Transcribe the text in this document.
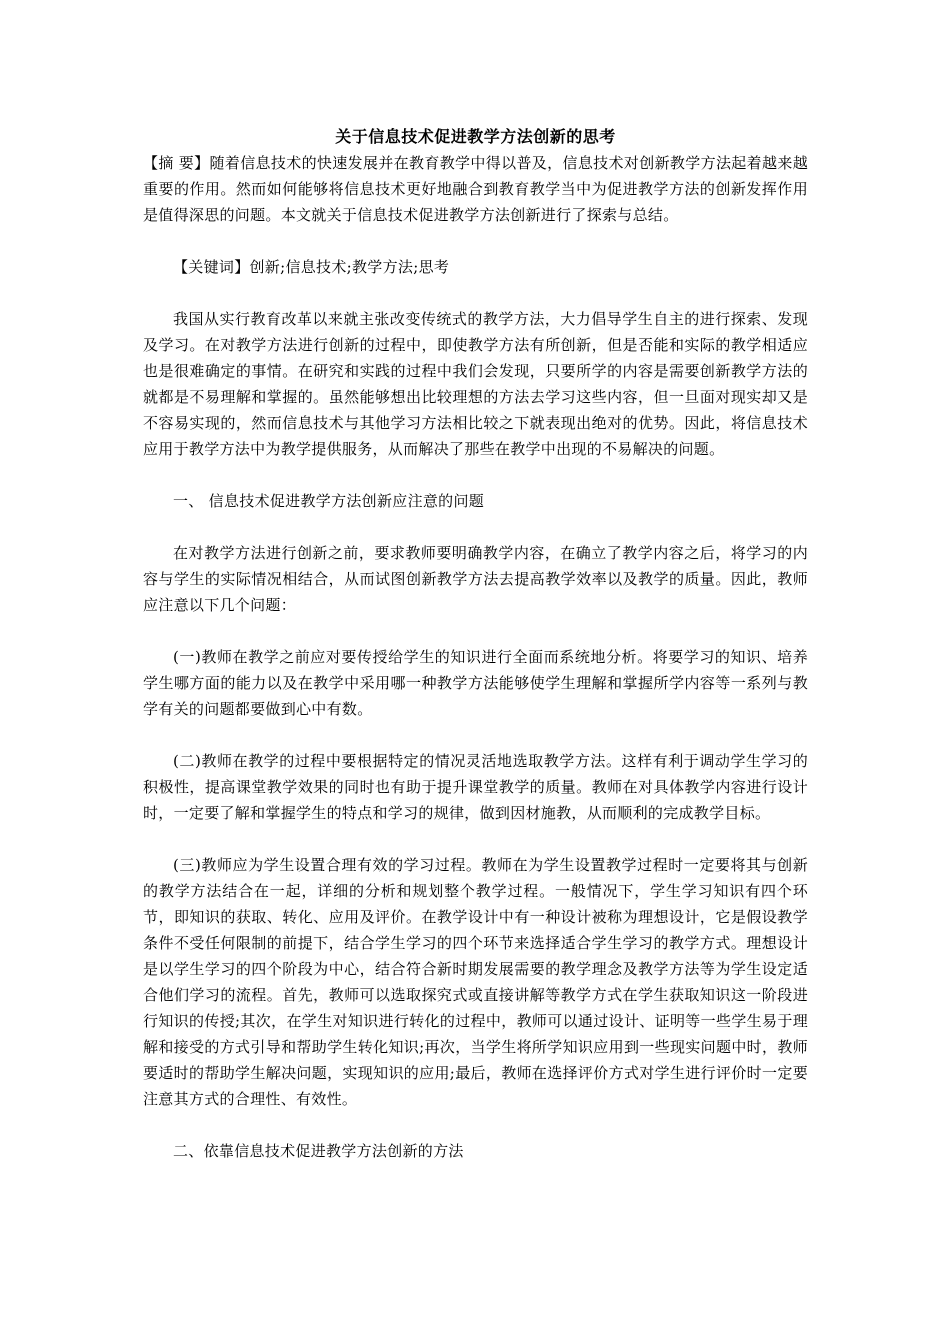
关于信息技术促进教学方法创新的思考

【摘 要】随着信息技术的快速发展并在教育教学中得以普及，信息技术对创新教学方法起着越来越重要的作用。然而如何能够将信息技术更好地融合到教育教学当中为促进教学方法的创新发挥作用是值得深思的问题。本文就关于信息技术促进教学方法创新进行了探索与总结。

【关键词】创新;信息技术;教学方法;思考

我国从实行教育改革以来就主张改变传统式的教学方法，大力倡导学生自主的进行探索、发现及学习。在对教学方法进行创新的过程中，即使教学方法有所创新，但是否能和实际的教学相适应也是很难确定的事情。在研究和实践的过程中我们会发现，只要所学的内容是需要创新教学方法的就都是不易理解和掌握的。虽然能够想出比较理想的方法去学习这些内容，但一旦面对现实却又是不容易实现的，然而信息技术与其他学习方法相比较之下就表现出绝对的优势。因此，将信息技术应用于教学方法中为教学提供服务，从而解决了那些在教学中出现的不易解决的问题。

一、 信息技术促进教学方法创新应注意的问题

在对教学方法进行创新之前，要求教师要明确教学内容，在确立了教学内容之后，将学习的内容与学生的实际情况相结合，从而试图创新教学方法去提高教学效率以及教学的质量。因此，教师应注意以下几个问题：

(一)教师在教学之前应对要传授给学生的知识进行全面而系统地分析。将要学习的知识、培养学生哪方面的能力以及在教学中采用哪一种教学方法能够使学生理解和掌握所学内容等一系列与教学有关的问题都要做到心中有数。

(二)教师在教学的过程中要根据特定的情况灵活地选取教学方法。这样有利于调动学生学习的积极性，提高课堂教学效果的同时也有助于提升课堂教学的质量。教师在对具体教学内容进行设计时，一定要了解和掌握学生的特点和学习的规律，做到因材施教，从而顺利的完成教学目标。

(三)教师应为学生设置合理有效的学习过程。教师在为学生设置教学过程时一定要将其与创新的教学方法结合在一起，详细的分析和规划整个教学过程。一般情况下，学生学习知识有四个环节，即知识的获取、转化、应用及评价。在教学设计中有一种设计被称为理想设计，它是假设教学条件不受任何限制的前提下，结合学生学习的四个环节来选择适合学生学习的教学方式。理想设计是以学生学习的四个阶段为中心，结合符合新时期发展需要的教学理念及教学方法等为学生设定适合他们学习的流程。首先，教师可以选取探究式或直接讲解等教学方式在学生获取知识这一阶段进行知识的传授;其次，在学生对知识进行转化的过程中，教师可以通过设计、证明等一些学生易于理解和接受的方式引导和帮助学生转化知识;再次，当学生将所学知识应用到一些现实问题中时，教师要适时的帮助学生解决问题，实现知识的应用;最后，教师在选择评价方式对学生进行评价时一定要注意其方式的合理性、有效性。

二、依靠信息技术促进教学方法创新的方法
